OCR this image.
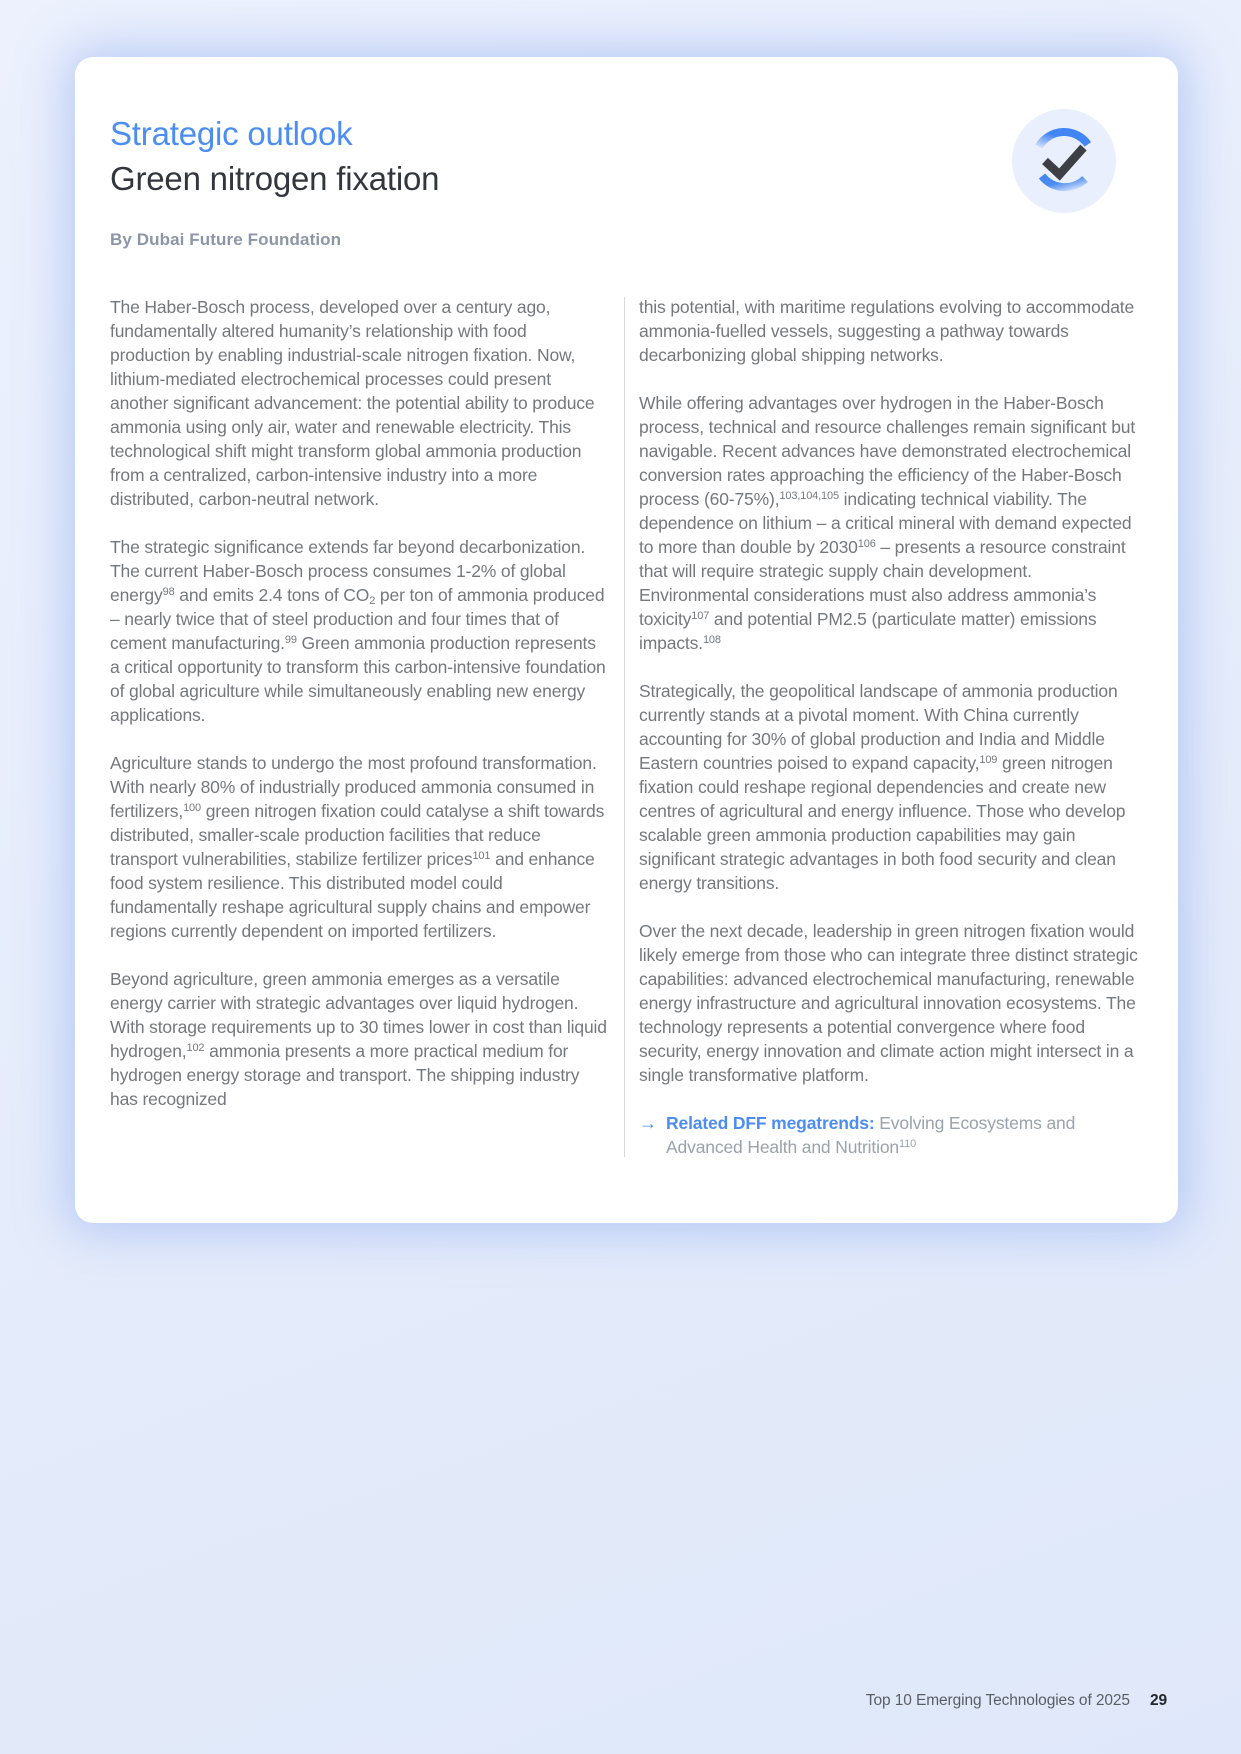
Strategic outlook
Green nitrogen fixation
By Dubai Future Foundation

The Haber-Bosch process, developed over a century ago, fundamentally altered humanity’s relationship with food production by enabling industrial-scale nitrogen fixation. Now, lithium-mediated electrochemical processes could present another significant advancement: the potential ability to produce ammonia using only air, water and renewable electricity. This technological shift might transform global ammonia production from a centralized, carbon-intensive industry into a more distributed, carbon-neutral network.

The strategic significance extends far beyond decarbonization. The current Haber-Bosch process consumes 1-2% of global energy$^{98}$ and emits 2.4 tons of $CO_2$ per ton of ammonia produced – nearly twice that of steel production and four times that of cement manufacturing.$^{99}$ Green ammonia production represents a critical opportunity to transform this carbon-intensive foundation of global agriculture while simultaneously enabling new energy applications.

Agriculture stands to undergo the most profound transformation. With nearly 80% of industrially produced ammonia consumed in fertilizers,$^{100}$ green nitrogen fixation could catalyse a shift towards distributed, smaller-scale production facilities that reduce transport vulnerabilities, stabilize fertilizer prices$^{101}$ and enhance food system resilience. This distributed model could fundamentally reshape agricultural supply chains and empower regions currently dependent on imported fertilizers.

Beyond agriculture, green ammonia emerges as a versatile energy carrier with strategic advantages over liquid hydrogen. With storage requirements up to 30 times lower in cost than liquid hydrogen,$^{102}$ ammonia presents a more practical medium for hydrogen energy storage and transport. The shipping industry has recognized

this potential, with maritime regulations evolving to accommodate ammonia-fuelled vessels, suggesting a pathway towards decarbonizing global shipping networks.

While offering advantages over hydrogen in the Haber-Bosch process, technical and resource challenges remain significant but navigable. Recent advances have demonstrated electrochemical conversion rates approaching the efficiency of the Haber-Bosch process (60-75%),$^{103,104,105}$ indicating technical viability. The dependence on lithium – a critical mineral with demand expected to more than double by 2030$^{106}$ – presents a resource constraint that will require strategic supply chain development. Environmental considerations must also address ammonia’s toxicity$^{107}$ and potential PM2.5 (particulate matter) emissions impacts.$^{108}$

Strategically, the geopolitical landscape of ammonia production currently stands at a pivotal moment. With China currently accounting for 30% of global production and India and Middle Eastern countries poised to expand capacity,$^{109}$ green nitrogen fixation could reshape regional dependencies and create new centres of agricultural and energy influence. Those who develop scalable green ammonia production capabilities may gain significant strategic advantages in both food security and clean energy transitions.

Over the next decade, leadership in green nitrogen fixation would likely emerge from those who can integrate three distinct strategic capabilities: advanced electrochemical manufacturing, renewable energy infrastructure and agricultural innovation ecosystems. The technology represents a potential convergence where food security, energy innovation and climate action might intersect in a single transformative platform.

→ Related DFF megatrends: Evolving Ecosystems and Advanced Health and Nutrition$^{110}$
Top 10 Emerging Technologies of 2025 29
